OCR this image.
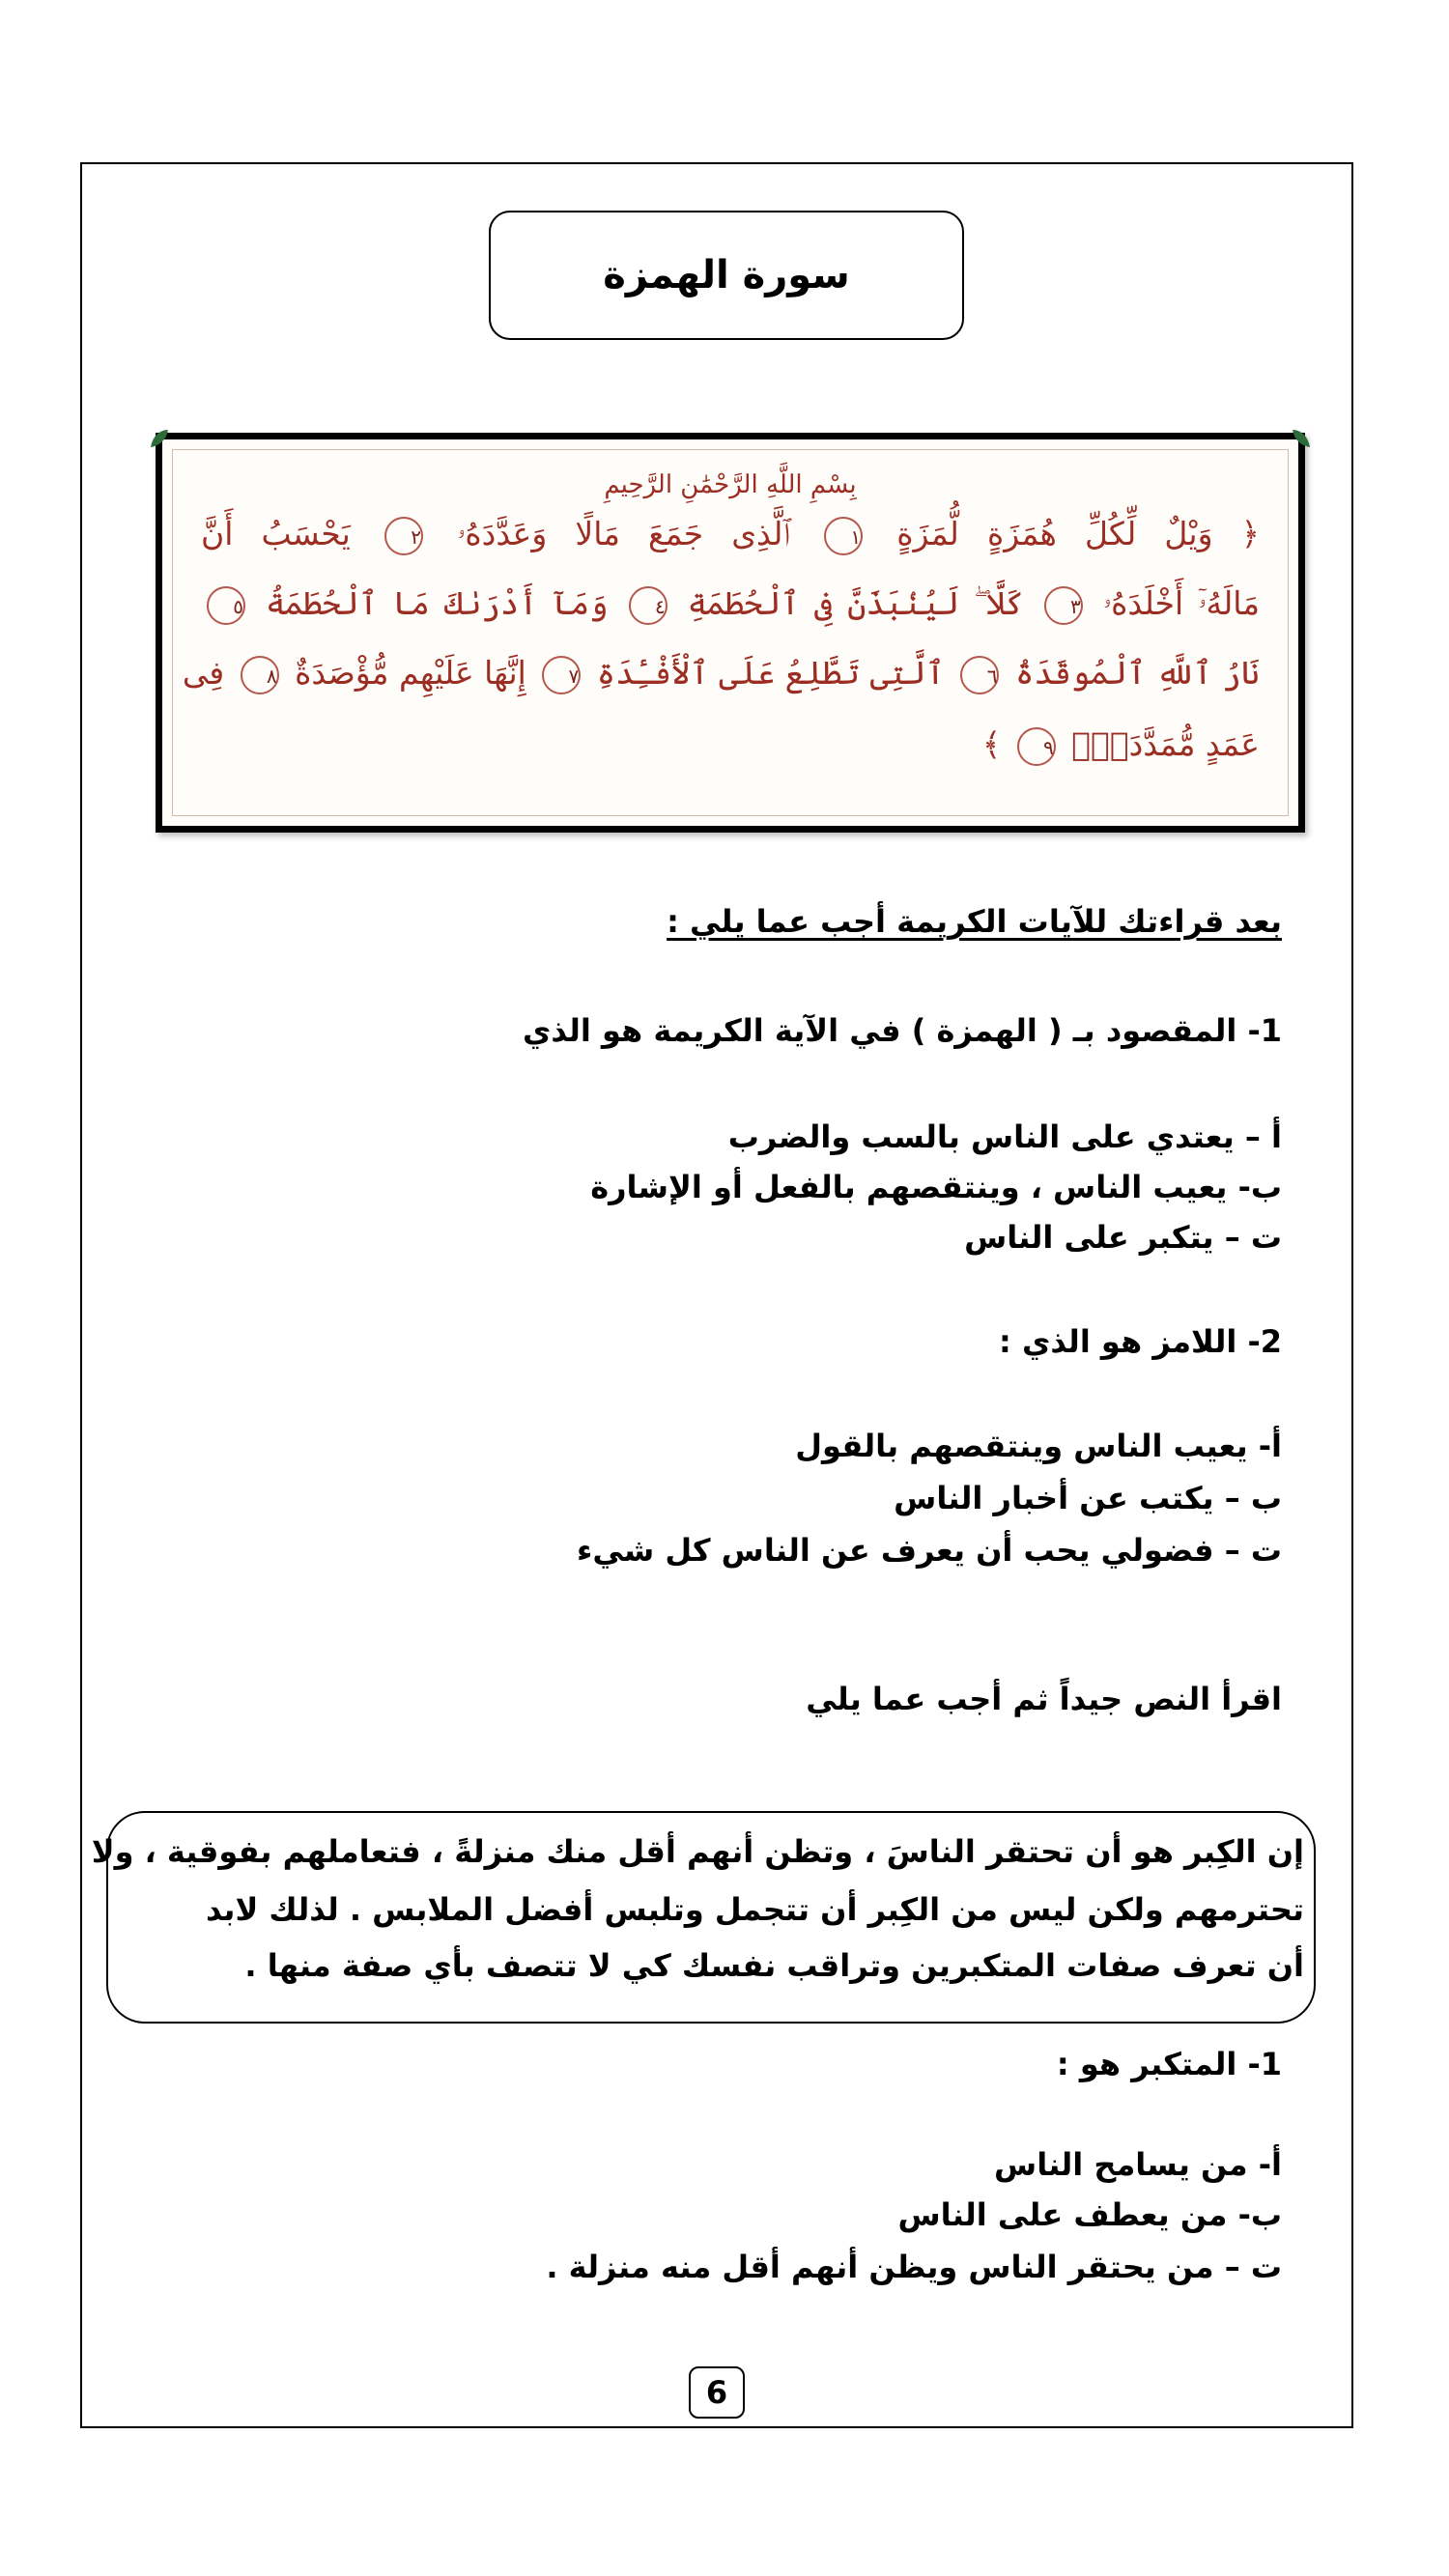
سورة الهمزة
بِسْمِ اللَّهِ الرَّحْمَٰنِ الرَّحِيمِ
﴿ وَيْلٌ لِّكُلِّ هُمَزَةٍ لُّمَزَةٍ ١ ٱلَّذِى جَمَعَ مَالًا وَعَدَّدَهُۥ ٢ يَحْسَبُ أَنَّ
مَالَهُۥٓ أَخْلَدَهُۥ ٣ كَلَّا ۖ لَيُنۢبَذَنَّ فِى ٱلْحُطَمَةِ ٤ وَمَآ أَدْرَىٰكَ مَا ٱلْحُطَمَةُ ٥
نَارُ ٱللَّهِ ٱلْمُوقَدَةُ ٦ ٱلَّتِى تَطَّلِعُ عَلَى ٱلْأَفْـِٔدَةِ ٧ إِنَّهَا عَلَيْهِم مُّؤْصَدَةٌ ٨ فِى
عَمَدٍ مُّمَدَّدَةٍۭ ٩ ﴾
بعد قراءتك للآيات الكريمة أجب عما يلي :
1- المقصود بـ ( الهمزة ) في الآية الكريمة هو الذي
أ – يعتدي على الناس بالسب والضرب
ب- يعيب الناس ، وينتقصهم بالفعل أو الإشارة
ت – يتكبر على الناس
2- اللامز هو الذي :
أ- يعيب الناس وينتقصهم بالقول
ب – يكتب عن أخبار الناس
ت – فضولي يحب أن يعرف عن الناس كل شيء
اقرأ النص جيداً ثم أجب عما يلي
إن الكِبر هو أن تحتقر الناسَ ، وتظن أنهم أقل منك منزلةً ، فتعاملهم بفوقية ، ولا
تحترمهم ولكن ليس من الكِبر أن تتجمل وتلبس أفضل الملابس . لذلك لابد
أن تعرف صفات المتكبرين وتراقب نفسك كي لا تتصف بأي صفة منها .
1- المتكبر هو :
أ- من يسامح الناس
ب- من يعطف على الناس
ت – من يحتقر الناس ويظن أنهم أقل منه منزلة .
6
